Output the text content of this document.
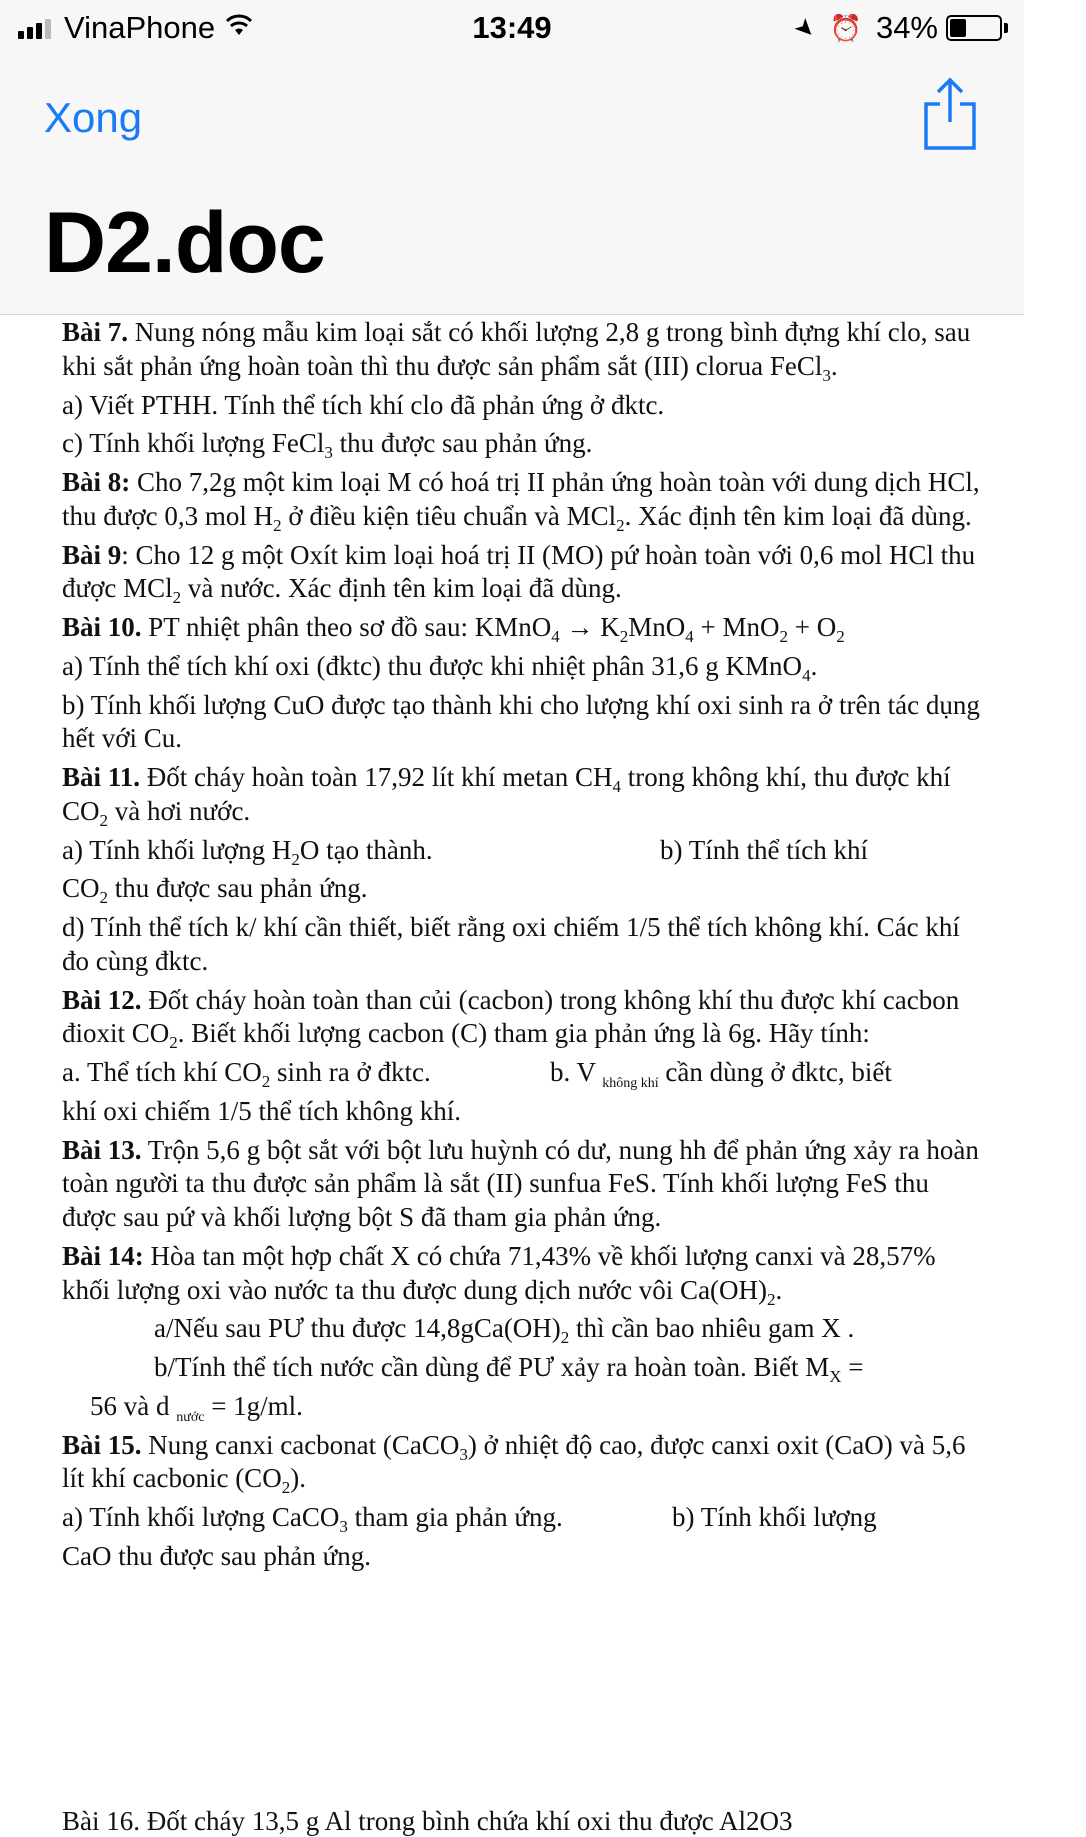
VinaPhone	13:49	➤ ⏰ 34%
Xong
D2.doc

Bài 7. Nung nóng mẫu kim loại sắt có khối lượng 2,8 g trong bình đựng khí clo, sau khi sắt phản ứng hoàn toàn thì thu được sản phẩm sắt (III) clorua FeCl$_3$.

a) Viết PTHH. Tính thể tích khí clo đã phản ứng ở đktc.

c) Tính khối lượng FeCl$_3$ thu được sau phản ứng.

Bài 8: Cho 7,2g một kim loại M có hoá trị II phản ứng hoàn toàn với dung dịch HCl, thu được 0,3 mol $H_2$ ở điều kiện tiêu chuẩn và MCl$_2$. Xác định tên kim loại đã dùng.

Bài 9: Cho 12 g một Oxít kim loại hoá trị II (MO) pứ hoàn toàn với 0,6 mol HCl thu được MCl$_2$ và nước. Xác định tên kim loại đã dùng.

Bài 10. PT nhiệt phân theo sơ đồ sau: KMnO$_4$ → $K_2MnO_4 + MnO_2 + O_2$

a) Tính thể tích khí oxi (đktc) thu được khi nhiệt phân 31,6 g KMnO$_4$.

b) Tính khối lượng CuO được tạo thành khi cho lượng khí oxi sinh ra ở trên tác dụng hết với Cu.

Bài 11. Đốt cháy hoàn toàn 17,92 lít khí metan $CH_4$ trong không khí, thu được khí $CO_2$ và hơi nước.

a) Tính khối lượng $H_2O$ tạo thành.	b) Tính thể tích khí

$CO_2$ thu được sau phản ứng.

d) Tính thể tích k/ khí cần thiết, biết rằng oxi chiếm 1/5 thể tích không khí. Các khí đo cùng đktc.

Bài 12. Đốt cháy hoàn toàn than củi (cacbon) trong không khí thu được khí cacbon đioxit $CO_2$. Biết khối lượng cacbon (C) tham gia phản ứng là 6g. Hãy tính:

a. Thể tích khí $CO_2$ sinh ra ở đktc.	b. V $_{không khí}$ cần dùng ở đktc, biết

khí oxi chiếm 1/5 thể tích không khí.

Bài 13. Trộn 5,6 g bột sắt với bột lưu huỳnh có dư, nung hh để phản ứng xảy ra hoàn toàn người ta thu được sản phẩm là sắt (II) sunfua FeS. Tính khối lượng FeS thu được sau pứ và khối lượng bột S đã tham gia phản ứng.

Bài 14: Hòa tan một hợp chất X có chứa 71,43% về khối lượng canxi và 28,57% khối lượng oxi vào nước ta thu được dung dịch nước vôi $Ca(OH)_2$.

a/Nếu sau PƯ thu được $14,8gCa(OH)_2$ thì cần bao nhiêu gam X .

b/Tính thể tích nước cần dùng để PƯ xảy ra hoàn toàn. Biết $M_X$ =

56 và d $_{nước}$ = 1g/ml.

Bài 15. Nung canxi cacbonat (CaCO$_3$) ở nhiệt độ cao, được canxi oxit (CaO) và 5,6 lít khí cacbonic $(CO_2)$.

a) Tính khối lượng CaCO$_3$ tham gia phản ứng.	b) Tính khối lượng

CaO thu được sau phản ứng.

Bài 16. Đốt cháy 13,5 g Al trong bình chứa khí oxi thu được Al2O3
